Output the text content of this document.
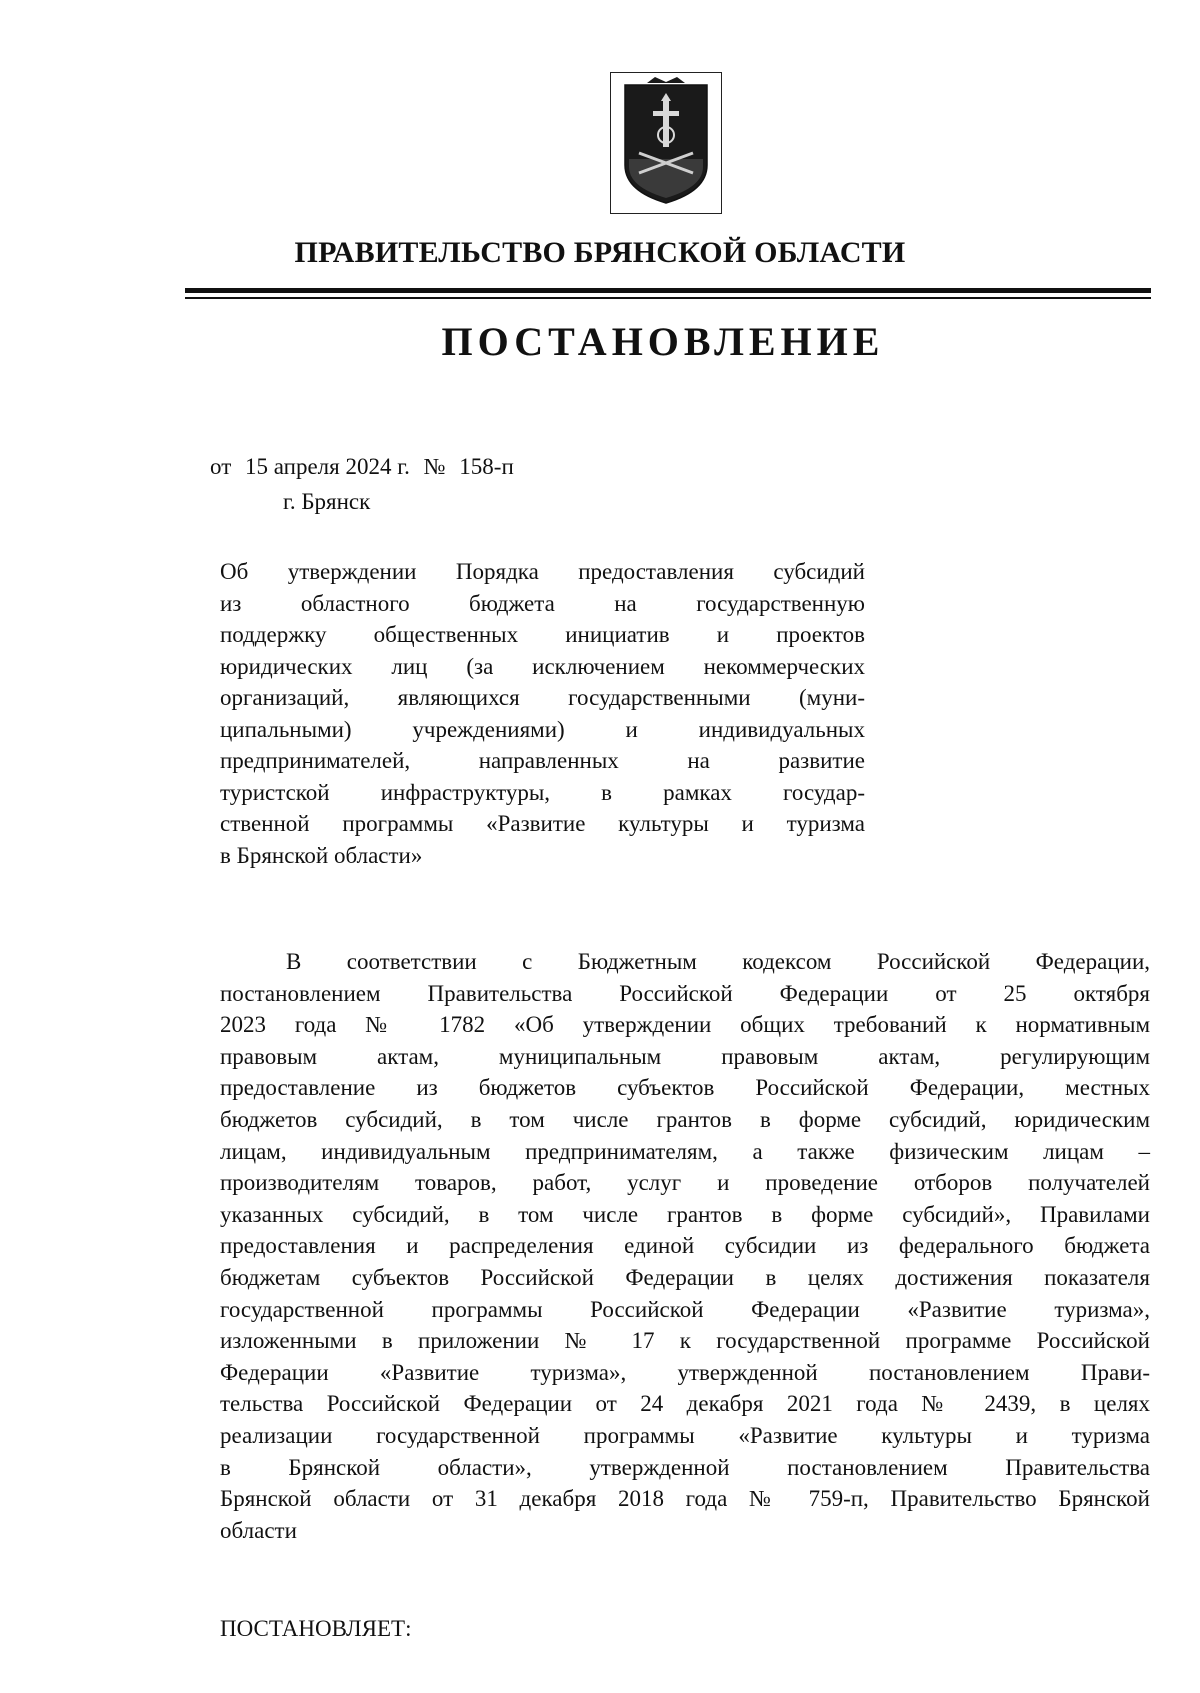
ПРАВИТЕЛЬСТВО БРЯНСКОЙ ОБЛАСТИ
ПОСТАНОВЛЕНИЕ
от 15 апреля 2024 г. № 158-п
г. Брянск
Об утверждении Порядка предоставления субсидий
из областного бюджета на государственную
поддержку общественных инициатив и проектов
юридических лиц (за исключением некоммерческих
организаций, являющихся государственными (муни-
ципальными) учреждениями) и индивидуальных
предпринимателей, направленных на развитие
туристской инфраструктуры, в рамках государ-
ственной программы «Развитие культуры и туризма
в Брянской области»
В соответствии с Бюджетным кодексом Российской Федерации,
постановлением Правительства Российской Федерации от 25 октября
2023 года № 1782 «Об утверждении общих требований к нормативным
правовым актам, муниципальным правовым актам, регулирующим
предоставление из бюджетов субъектов Российской Федерации, местных
бюджетов субсидий, в том числе грантов в форме субсидий, юридическим
лицам, индивидуальным предпринимателям, а также физическим лицам –
производителям товаров, работ, услуг и проведение отборов получателей
указанных субсидий, в том числе грантов в форме субсидий», Правилами
предоставления и распределения единой субсидии из федерального бюджета
бюджетам субъектов Российской Федерации в целях достижения показателя
государственной программы Российской Федерации «Развитие туризма»,
изложенными в приложении № 17 к государственной программе Российской
Федерации «Развитие туризма», утвержденной постановлением Прави-
тельства Российской Федерации от 24 декабря 2021 года № 2439, в целях
реализации государственной программы «Развитие культуры и туризма
в Брянской области», утвержденной постановлением Правительства
Брянской области от 31 декабря 2018 года № 759-п, Правительство Брянской
области
ПОСТАНОВЛЯЕТ:
